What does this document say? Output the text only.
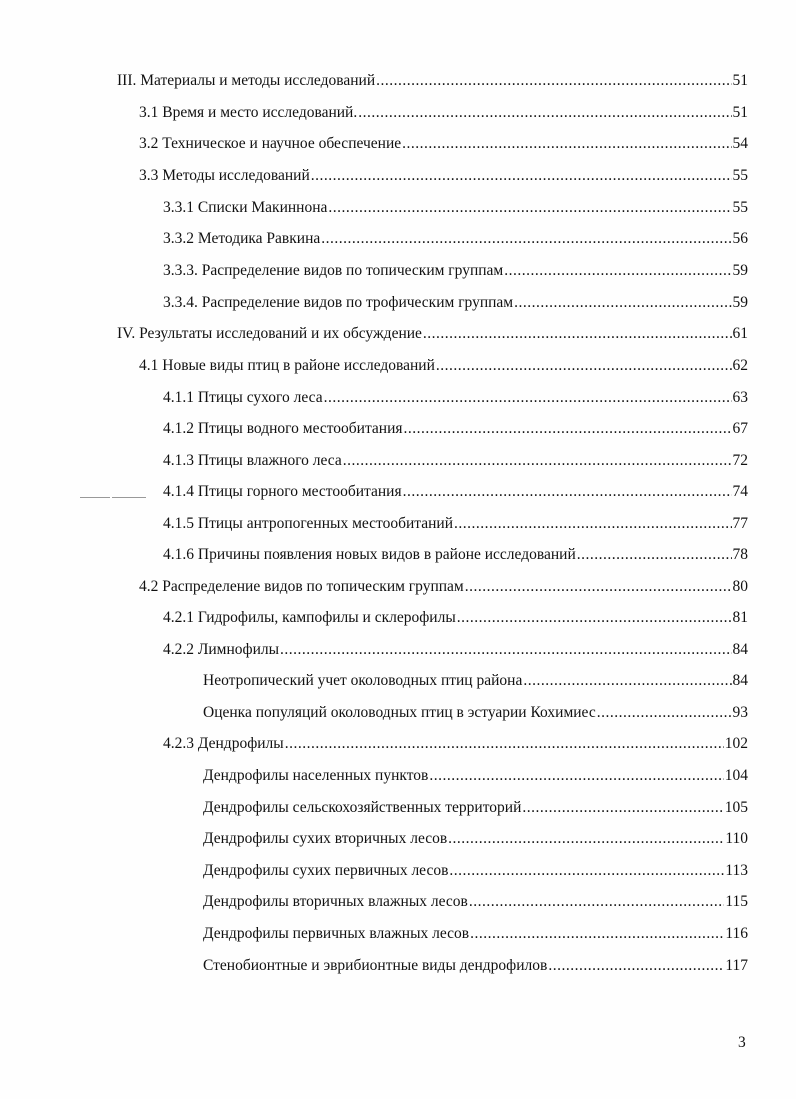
III. Материалы и методы исследований .....	51
3.1 Время и место исследований. .....	51
3.2 Техническое и научное обеспечение .....	54
3.3 Методы исследований .....	55
3.3.1 Списки Макиннона .....	55
3.3.2 Методика Равкина .....	56
3.3.3. Распределение видов по топическим группам .....	59
3.3.4. Распределение видов по трофическим группам .....	59
IV. Результаты исследований и их обсуждение .....	61
4.1 Новые виды птиц в районе исследований .....	62
4.1.1 Птицы сухого леса .....	63
4.1.2 Птицы водного местообитания .....	67
4.1.3 Птицы влажного леса .....	72
4.1.4 Птицы горного местообитания .....	74
4.1.5 Птицы антропогенных местообитаний .....	77
4.1.6 Причины появления новых видов в районе исследований .....	78
4.2 Распределение видов по топическим группам .....	80
4.2.1 Гидрофилы, кампофилы и склерофилы .....	81
4.2.2 Лимнофилы .....	84
Неотропический учет околоводных птиц района .....	84
Оценка популяций околоводных птиц в эстуарии Кохимиес .....	93
4.2.3 Дендрофилы .....	102
Дендрофилы населенных пунктов .....	104
Дендрофилы сельскохозяйственных территорий .....	105
Дендрофилы сухих вторичных лесов .....	110
Дендрофилы сухих первичных лесов .....	113
Дендрофилы вторичных влажных лесов .....	115
Дендрофилы первичных влажных лесов .....	116
Стенобионтные и эврибионтные виды дендрофилов .....	117
3
